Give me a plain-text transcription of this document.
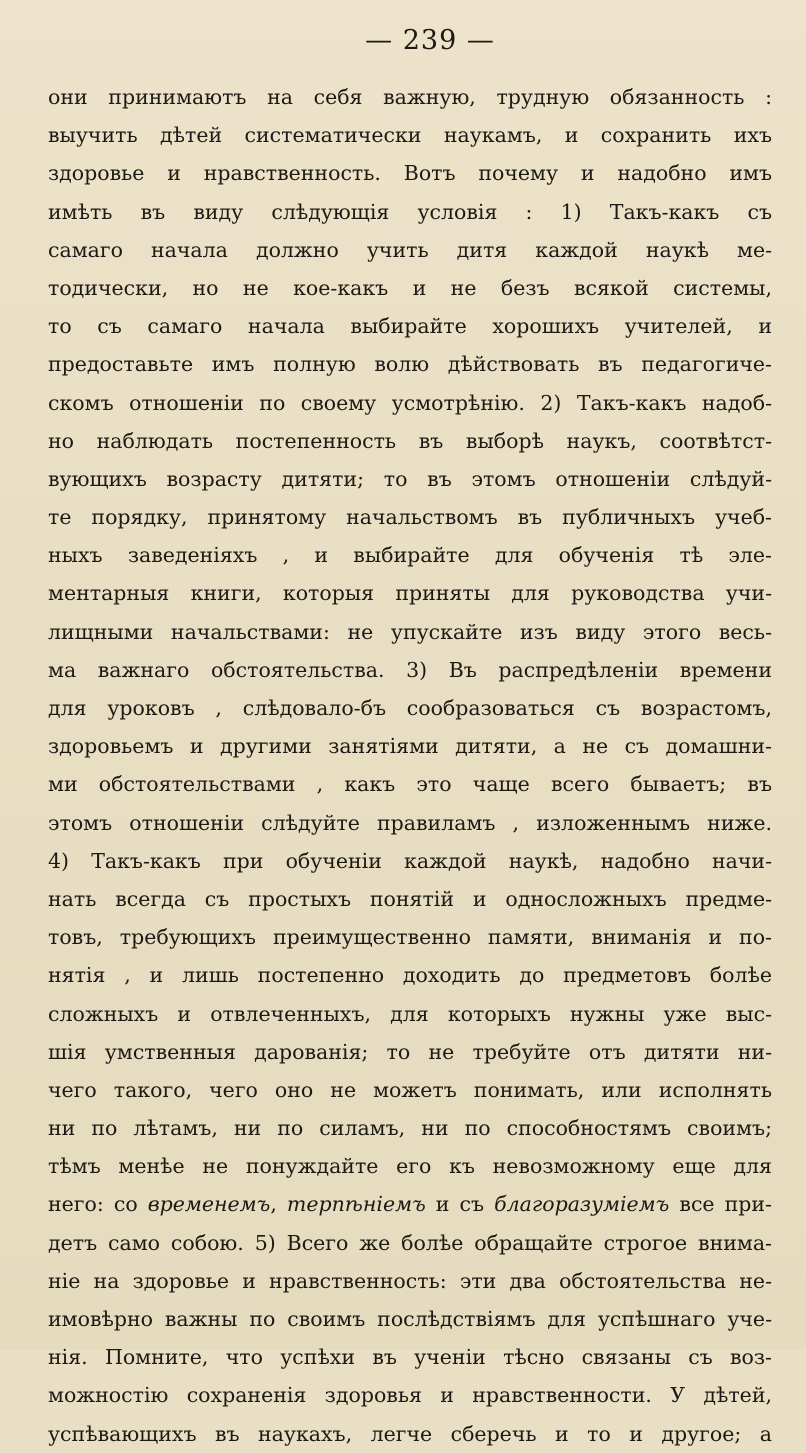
— 239 —
они принимаютъ на себя важную, трудную обязанность :
выучить дѣтей систематически наукамъ, и сохранить ихъ
здоровье и нравственность. Вотъ почему и надобно имъ
имѣть въ виду слѣдующія условія : 1) Такъ-какъ съ
самаго начала должно учить дитя каждой наукѣ ме-
тодически, но не кое-какъ и не безъ всякой системы,
то съ самаго начала выбирайте хорошихъ учителей, и
предоставьте имъ полную волю дѣйствовать въ педагогиче-
скомъ отношеніи по своему усмотрѣнію. 2) Такъ-какъ надоб-
но наблюдать постепенность въ выборѣ наукъ, соотвѣтст-
вующихъ возрасту дитяти; то въ этомъ отношеніи слѣдуй-
те порядку, принятому начальствомъ въ публичныхъ учеб-
ныхъ заведеніяхъ , и выбирайте для обученія тѣ эле-
ментарныя книги, которыя приняты для руководства учи-
лищными начальствами: не упускайте изъ виду этого весь-
ма важнаго обстоятельства. 3) Въ распредѣленіи времени
для уроковъ , слѣдовало-бъ сообразоваться съ возрастомъ,
здоровьемъ и другими занятіями дитяти, а не съ домашни-
ми обстоятельствами , какъ это чаще всего бываетъ; въ
этомъ отношеніи слѣдуйте правиламъ , изложеннымъ ниже.
4) Такъ-какъ при обученіи каждой наукѣ, надобно начи-
нать всегда съ простыхъ понятій и односложныхъ предме-
товъ, требующихъ преимущественно памяти, вниманія и по-
нятія , и лишь постепенно доходить до предметовъ болѣе
сложныхъ и отвлеченныхъ, для которыхъ нужны уже выс-
шія умственныя дарованія; то не требуйте отъ дитяти ни-
чего такого, чего оно не можетъ понимать, или исполнять
ни по лѣтамъ, ни по силамъ, ни по способностямъ своимъ;
тѣмъ менѣе не понуждайте его къ невозможному еще для
него: со временемъ, терпѣніемъ и съ благоразуміемъ все при-
детъ само собою. 5) Всего же болѣе обращайте строгое внима-
ніе на здоровье и нравственность: эти два обстоятельства не-
имовѣрно важны по своимъ послѣдствіямъ для успѣшнаго уче-
нія. Помните, что успѣхи въ ученіи тѣсно связаны съ воз-
можностію сохраненія здоровья и нравственности. У дѣтей,
успѣвающихъ въ наукахъ, легче сберечь и то и другое; а
